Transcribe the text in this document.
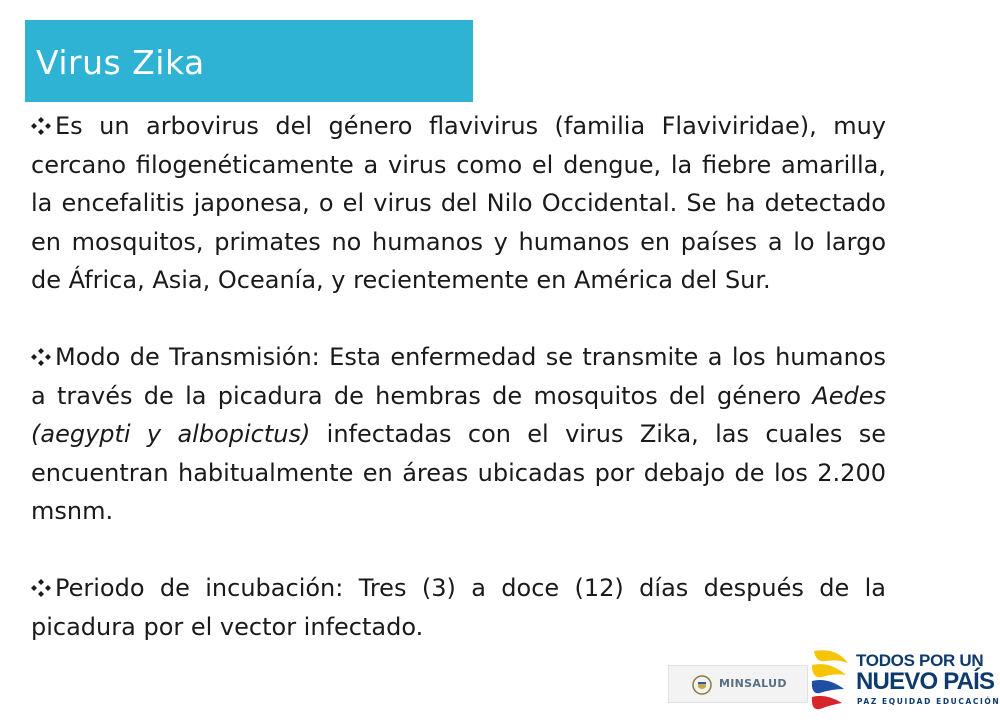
Virus Zika

Es un arbovirus del género flavivirus (familia Flaviviridae), muy cercano filogenéticamente a virus como el dengue, la fiebre amarilla, la encefalitis japonesa, o el virus del Nilo Occidental. Se ha detectado en mosquitos, primates no humanos y humanos en países a lo largo de África, Asia, Oceanía, y recientemente en América del Sur.

Modo de Transmisión: Esta enfermedad se transmite a los humanos a través de la picadura de hembras de mosquitos del género Aedes (aegypti y albopictus) infectadas con el virus Zika, las cuales se encuentran habitualmente en áreas ubicadas por debajo de los 2.200 msnm.

Periodo de incubación: Tres (3) a doce (12) días después de la picadura por el vector infectado.

MINSALUD
TODOS POR UN
NUEVO PAÍS
PAZ EQUIDAD EDUCACIÓN
